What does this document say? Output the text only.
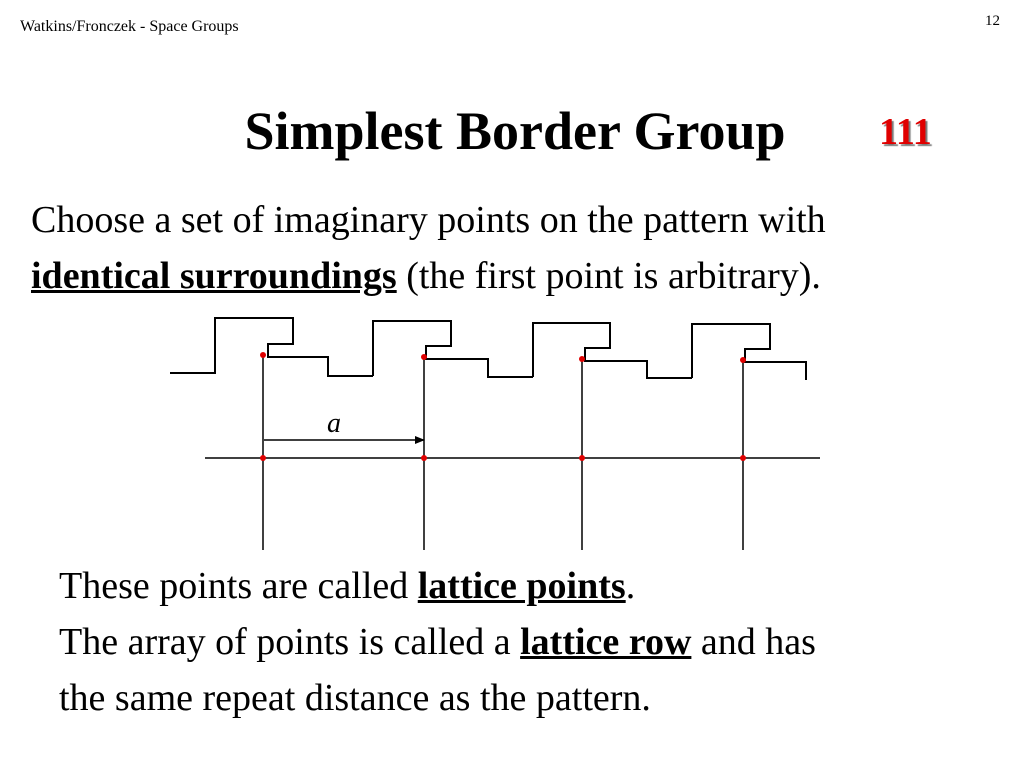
Watkins/Fronczek - Space Groups	12
Simplest Border Group	111
Choose a set of imaginary points on the pattern with
identical surroundings (the first point is arbitrary).
a
These points are called lattice points.
The array of points is called a lattice row and has
the same repeat distance as the pattern.
